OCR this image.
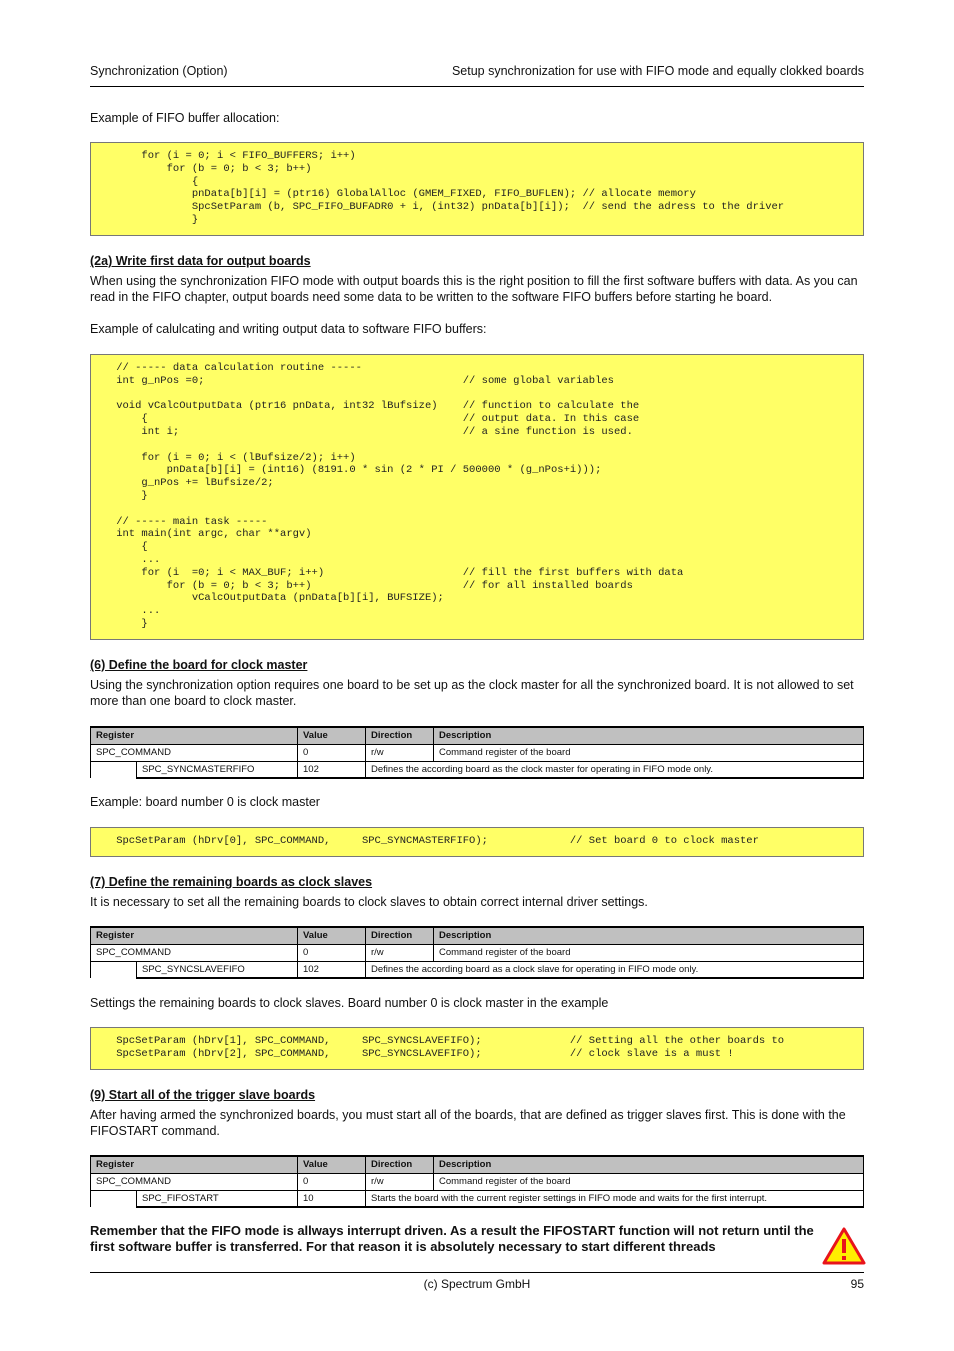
Synchronization (Option)	Setup synchronization for use with FIFO mode and equally clokked boards
Example of FIFO buffer allocation:
for (i = 0; i < FIFO_BUFFERS; i++)
for (b = 0; b < 3; b++)
{
pnData[b][i] = (ptr16) GlobalAlloc (GMEM_FIXED, FIFO_BUFLEN); // allocate memory
SpcSetParam (b, SPC_FIFO_BUFADR0 + i, (int32) pnData[b][i]);  // send the adress to the driver
}
(2a) Write first data for output boards
When using the synchronization FIFO mode with output boards this is the right position to fill the first software buffers with data. As you can read in the FIFO chapter, output boards need some data to be written to the software FIFO buffers before starting he board.
Example of calulcating and writing output data to software FIFO buffers:
// ----- data calculation routine -----
int g_nPos =0;                                         // some global variables

void vCalcOutputData (ptr16 pnData, int32 lBufsize)    // function to calculate the
{                                                  // output data. In this case
int i;                                             // a sine function is used.

for (i = 0; i < (lBufsize/2); i++)
pnData[b][i] = (int16) (8191.0 * sin (2 * PI / 500000 * (g_nPos+i)));
g_nPos += lBufsize/2;
}

// ----- main task -----
int main(int argc, char **argv)
{
...
for (i  =0; i < MAX_BUF; i++)                      // fill the first buffers with data
for (b = 0; b < 3; b++)                        // for all installed boards
vCalcOutputData (pnData[b][i], BUFSIZE);
...
}
(6) Define the board for clock master
Using the synchronization option requires one board to be set up as the clock master for all the synchronized board. It is not allowed to set more than one board to clock master.
Register		Value	Direction	Description
SPC_COMMAND		0	r/w	Command register of the board
	SPC_SYNCMASTERFIFO	102	Defines the according board as the clock master for operating in FIFO mode only.	
Example: board number 0 is clock master
SpcSetParam (hDrv[0], SPC_COMMAND,     SPC_SYNCMASTERFIFO);             // Set board 0 to clock master
(7) Define the remaining boards as clock slaves
It is necessary to set all the remaining boards to clock slaves to obtain correct internal driver settings.
Register		Value	Direction	Description
SPC_COMMAND		0	r/w	Command register of the board
	SPC_SYNCSLAVEFIFO	102	Defines the according board as a clock slave for operating in FIFO mode only.	
Settings the remaining boards to clock slaves. Board number 0 is clock master in the example
SpcSetParam (hDrv[1], SPC_COMMAND,     SPC_SYNCSLAVEFIFO);              // Setting all the other boards to
SpcSetParam (hDrv[2], SPC_COMMAND,     SPC_SYNCSLAVEFIFO);              // clock slave is a must !
(9) Start all of the trigger slave boards
After having armed the synchronized boards, you must start all of the boards, that are defined as trigger slaves first. This is done with the FIFOSTART command.
Register		Value	Direction	Description
SPC_COMMAND		0	r/w	Command register of the board
	SPC_FIFOSTART	10	Starts the board with the current register settings in FIFO mode and waits for the first interrupt.	
Remember that the FIFO mode is allways interrupt driven. As a result the FIFOSTART function will not return until the first software buffer is transferred. For that reason it is absolutely necessary to start different threads
(c) Spectrum GmbH	95
